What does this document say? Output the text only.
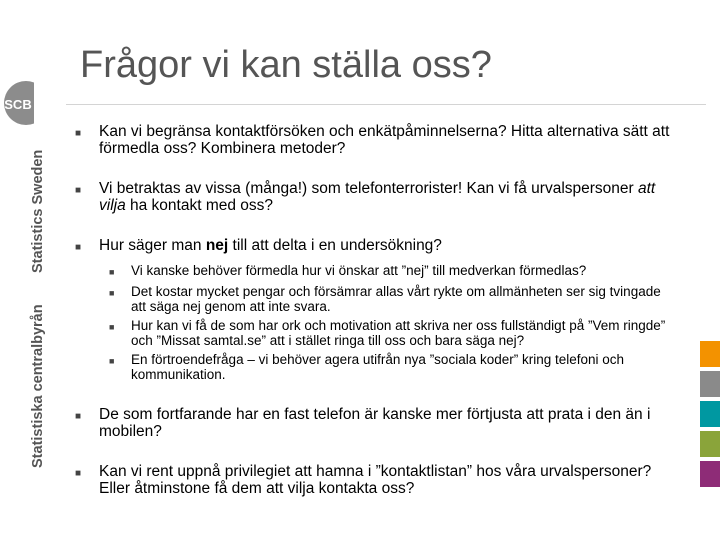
SCB
Statistics Sweden
Statistiska centralbyrån
Frågor vi kan ställa oss?
■	Kan vi begränsa kontaktförsöken och enkätpåminnelserna? Hitta alternativa sätt att förmedla oss? Kombinera metoder?
■	Vi betraktas av vissa (många!) som telefonterrorister! Kan vi få urvalspersoner att vilja ha kontakt med oss?
■	Hur säger man nej till att delta i en undersökning?
■	Vi kanske behöver förmedla hur vi önskar att ”nej” till medverkan förmedlas?
■	Det kostar mycket pengar och försämrar allas vårt rykte om allmänheten ser sig tvingade att säga nej genom att inte svara.
■	Hur kan vi få de som har ork och motivation att skriva ner oss fullständigt på ”Vem ringde” och ”Missat samtal.se” att i stället ringa till oss och bara säga nej?
■	En förtroendefråga – vi behöver agera utifrån nya ”sociala koder” kring telefoni och kommunikation.
■	De som fortfarande har en fast telefon är kanske mer förtjusta att prata i den än i mobilen?
■	Kan vi rent uppnå privilegiet att hamna i ”kontaktlistan” hos våra urvalspersoner? Eller åtminstone få dem att vilja kontakta oss?
